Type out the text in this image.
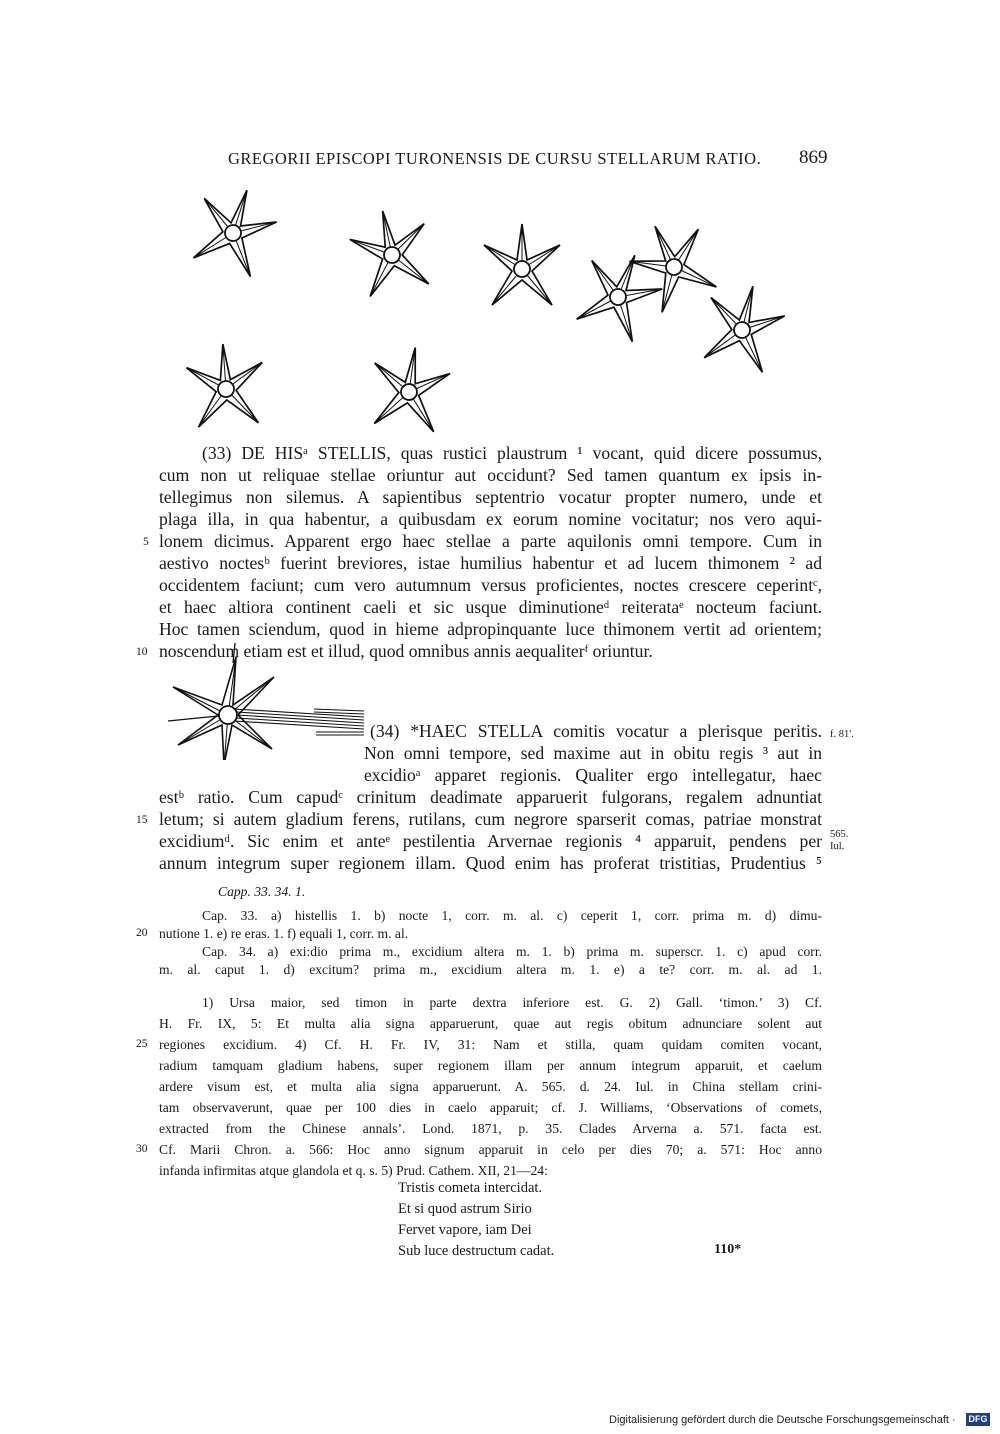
GREGORII EPISCOPI TURONENSIS DE CURSU STELLARUM RATIO. 869
(33) DE HISᵃ STELLIS, quas rustici plaustrum ¹ vocant, quid dicere possumus,
cum non ut reliquae stellae oriuntur aut occidunt? Sed tamen quantum ex ipsis in-
tellegimus non silemus. A sapientibus septentrio vocatur propter numero, unde et
plaga illa, in qua habentur, a quibusdam ex eorum nomine vocitatur; nos vero aqui-
lonem dicimus. Apparent ergo haec stellae a parte aquilonis omni tempore. Cum in
aestivo noctesᵇ fuerint breviores, istae humilius habentur et ad lucem thimonem ² ad
occidentem faciunt; cum vero autumnum versus proficientes, noctes crescere ceperintᶜ,
et haec altiora continent caeli et sic usque diminutioneᵈ reiterataᵉ nocteum faciunt.
Hoc tamen sciendum, quod in hieme adpropinquante luce thimonem vertit ad orientem;
noscendum etiam est et illud, quod omnibus annis aequaliterᶠ oriuntur.
5
10
(34) *HAEC STELLA comitis vocatur a plerisque peritis.
Non omni tempore, sed maxime aut in obitu regis ³ aut in
excidioᵃ apparet regionis. Qualiter ergo intellegatur, haec
estᵇ ratio. Cum capudᶜ crinitum deadimate apparuerit fulgorans, regalem adnuntiat
letum; si autem gladium ferens, rutilans, cum negrore sparserit comas, patriae monstrat
excidiumᵈ. Sic enim et anteᵉ pestilentia Arvernae regionis ⁴ apparuit, pendens per
annum integrum super regionem illam. Quod enim has proferat tristitias, Prudentius ⁵
15
f. 81'.
565.
Iul.
Capp. 33. 34. 1.
Cap. 33. a) histellis 1. b) nocte 1, corr. m. al. c) ceperit 1, corr. prima m. d) dimu-
nutione 1. e) re eras. 1. f) equali 1, corr. m. al.
Cap. 34. a) exi:dio prima m., excidium altera m. 1. b) prima m. superscr. 1. c) apud corr.
m. al. caput 1. d) excitum? prima m., excidium altera m. 1. e) a te? corr. m. al. ad 1.
20
1) Ursa maior, sed timon in parte dextra inferiore est. G. 2) Gall. ‘timon.’ 3) Cf.
H. Fr. IX, 5: Et multa alia signa apparuerunt, quae aut regis obitum adnunciare solent aut
regiones excidium. 4) Cf. H. Fr. IV, 31: Nam et stilla, quam quidam comiten vocant,
radium tamquam gladium habens, super regionem illam per annum integrum apparuit, et caelum
ardere visum est, et multa alia signa apparuerunt. A. 565. d. 24. Iul. in China stellam crini-
tam observaverunt, quae per 100 dies in caelo apparuit; cf. J. Williams, ‘Observations of comets,
extracted from the Chinese annals’. Lond. 1871, p. 35. Clades Arverna a. 571. facta est.
Cf. Marii Chron. a. 566: Hoc anno signum apparuit in celo per dies 70; a. 571: Hoc anno
infanda infirmitas atque glandola et q. s. 5) Prud. Cathem. XII, 21—24:
25
30
Tristis cometa intercidat.
Et si quod astrum Sirio
Fervet vapore, iam Dei
Sub luce destructum cadat.	110*
Digitalisierung gefördert durch die Deutsche Forschungsgemeinschaft · DFG
